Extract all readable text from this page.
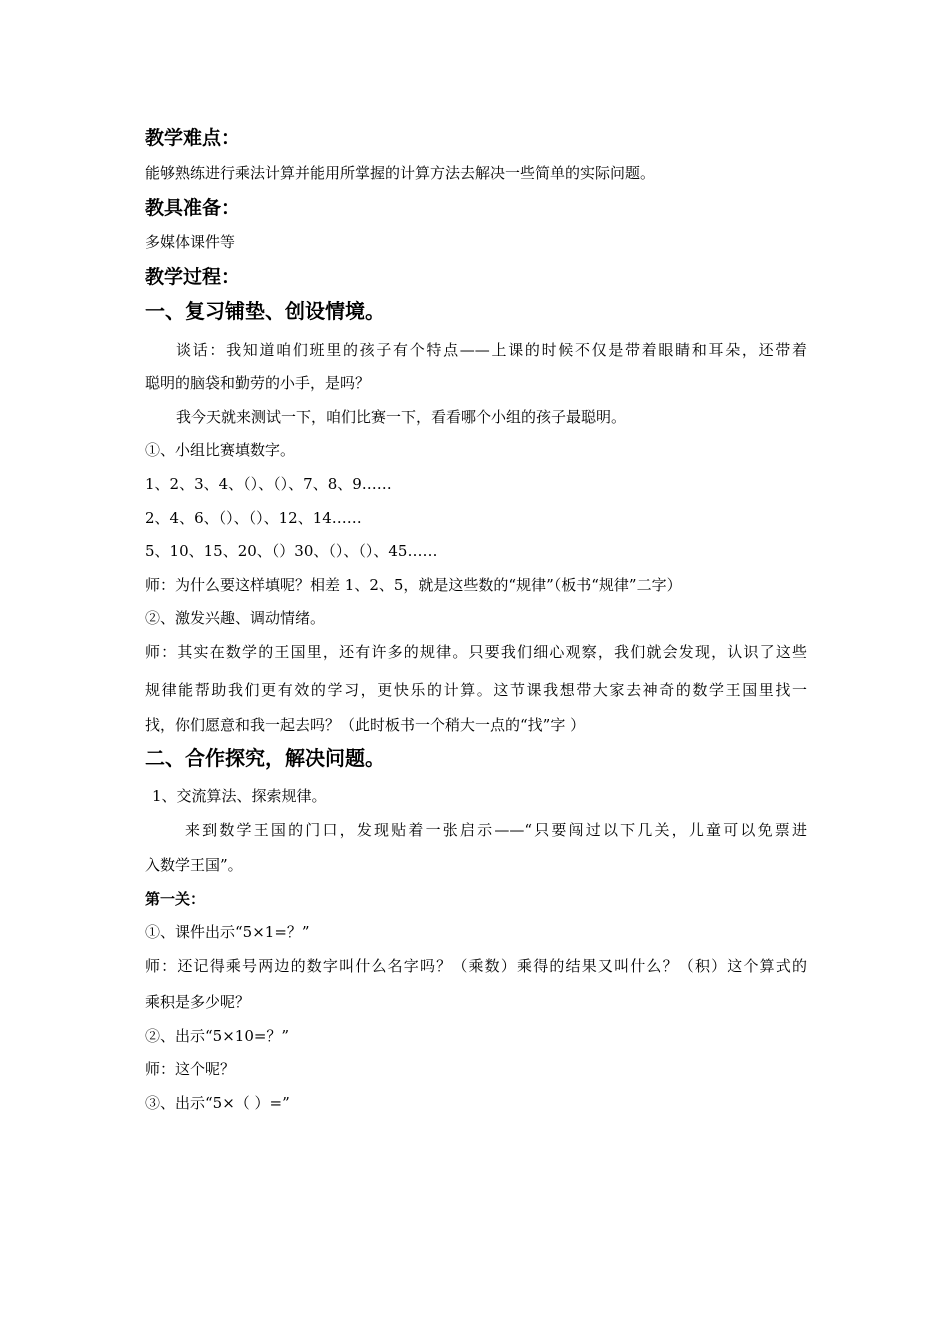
教学难点：
能够熟练进行乘法计算并能用所掌握的计算方法去解决一些简单的实际问题。
教具准备：
多媒体课件等
教学过程：
一、复习铺垫、创设情境。
谈话：我知道咱们班里的孩子有个特点——上课的时候不仅是带着眼睛和耳朵，还带着
聪明的脑袋和勤劳的小手，是吗？
我今天就来测试一下，咱们比赛一下，看看哪个小组的孩子最聪明。
①、小组比赛填数字。
1、2、3、4、（）、（）、7、8、9……
2、4、6、（）、（）、12、14……
5、10、15、20、（）30、（）、（）、45……
师：为什么要这样填呢？相差 1、2、5，就是这些数的“规律”（板书“规律”二字）
②、激发兴趣、调动情绪。
师：其实在数学的王国里，还有许多的规律。只要我们细心观察，我们就会发现，认识了这些
规律能帮助我们更有效的学习，更快乐的计算。这节课我想带大家去神奇的数学王国里找一
找，你们愿意和我一起去吗？（此时板书一个稍大一点的“找”字 ）
二、合作探究，解决问题。
1、交流算法、探索规律。
来到数学王国的门口，发现贴着一张启示——“只要闯过以下几关，儿童可以免票进
入数学王国”。
第一关：
①、课件出示“5×1=？”
师：还记得乘号两边的数字叫什么名字吗？（乘数）乘得的结果又叫什么？（积）这个算式的
乘积是多少呢？
②、出示“5×10=？”
师：这个呢？
③、出示“5×（ ）=”
